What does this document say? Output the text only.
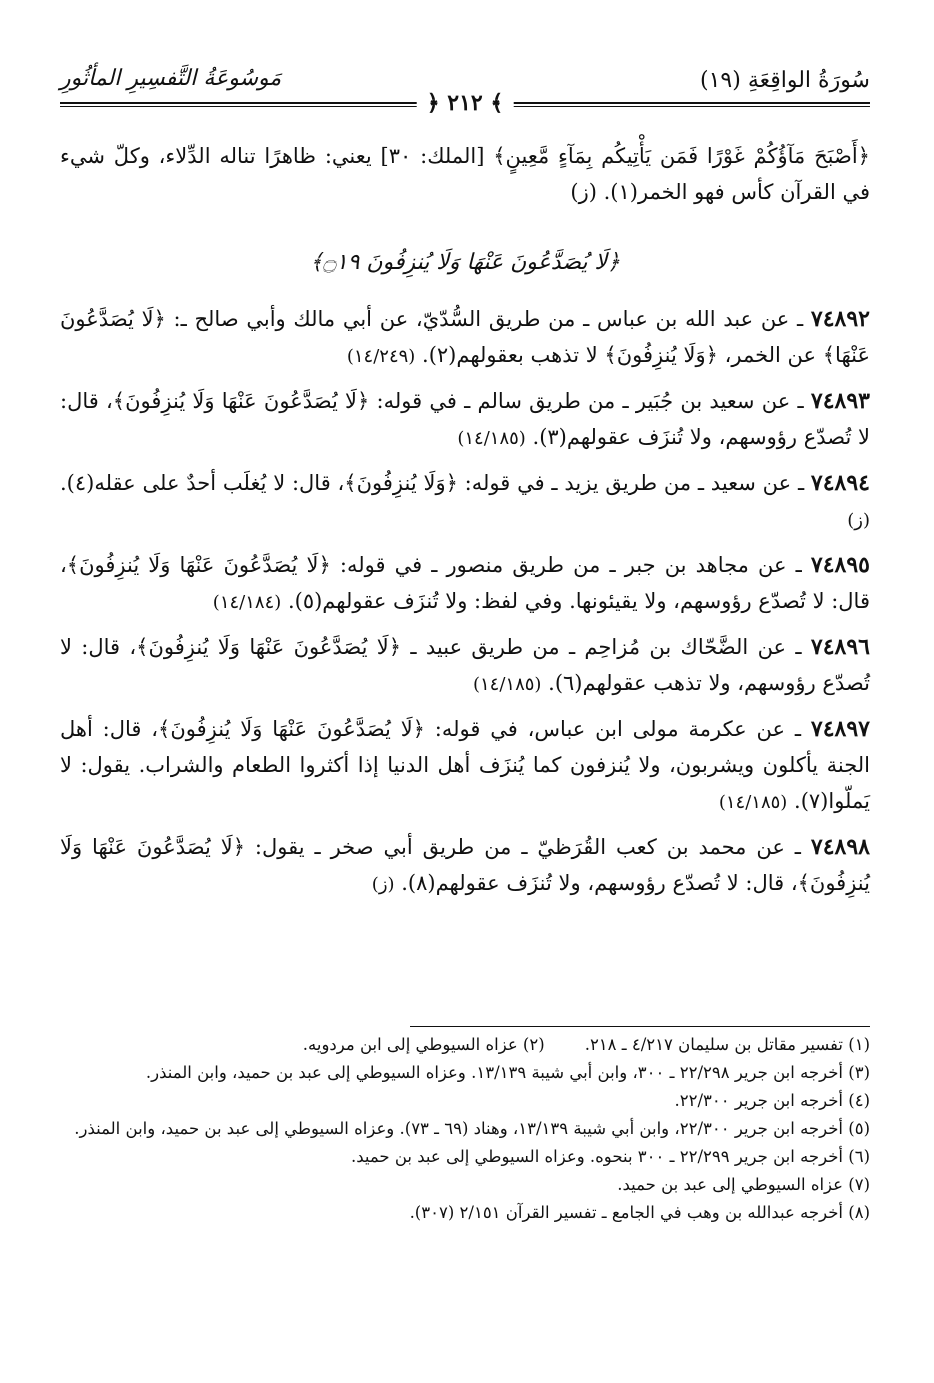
سُورَةُ الواقِعَةِ (١٩)
مَوسُوعَةُ التَّفسِيرِ المأثُورِ
﴾ ٢١٢ ﴿

﴿أَصْبَحَ مَآؤُكُمْ غَوْرًا فَمَن يَأْتِيكُم بِمَآءٍ مَّعِينٍ﴾ [الملك: ٣٠] يعني: ظاهرًا تناله الدِّلاء، وكلّ شيء في القرآن كأس فهو الخمر(١). (ز)

﴿لَا يُصَدَّعُونَ عَنْهَا وَلَا يُنزِفُونَ ۝١٩﴾

٧٤٨٩٢ ـ عن عبد الله بن عباس ـ من طريق السُّدّيّ، عن أبي مالك وأبي صالح ـ: ﴿لَا يُصَدَّعُونَ عَنْهَا﴾ عن الخمر، ﴿وَلَا يُنزِفُونَ﴾ لا تذهب بعقولهم(٢). (١٤/٢٤٩)

٧٤٨٩٣ ـ عن سعيد بن جُبَير ـ من طريق سالم ـ في قوله: ﴿لَا يُصَدَّعُونَ عَنْهَا وَلَا يُنزِفُونَ﴾، قال: لا تُصدّع رؤوسهم، ولا تُنزَف عقولهم(٣). (١٤/١٨٥)

٧٤٨٩٤ ـ عن سعيد ـ من طريق يزيد ـ في قوله: ﴿وَلَا يُنزِفُونَ﴾، قال: لا يُغلَب أحدٌ على عقله(٤). (ز)

٧٤٨٩٥ ـ عن مجاهد بن جبر ـ من طريق منصور ـ في قوله: ﴿لَا يُصَدَّعُونَ عَنْهَا وَلَا يُنزِفُونَ﴾، قال: لا تُصدّع رؤوسهم، ولا يقيئونها. وفي لفظ: ولا تُنزَف عقولهم(٥). (١٤/١٨٤)

٧٤٨٩٦ ـ عن الضَّحّاك بن مُزاحِم ـ من طريق عبيد ـ ﴿لَا يُصَدَّعُونَ عَنْهَا وَلَا يُنزِفُونَ﴾، قال: لا تُصدّع رؤوسهم، ولا تذهب عقولهم(٦). (١٤/١٨٥)

٧٤٨٩٧ ـ عن عكرمة مولى ابن عباس، في قوله: ﴿لَا يُصَدَّعُونَ عَنْهَا وَلَا يُنزِفُونَ﴾، قال: أهل الجنة يأكلون ويشربون، ولا يُنزفون كما يُنزَف أهل الدنيا إذا أكثروا الطعام والشراب. يقول: لا يَملّوا(٧). (١٤/١٨٥)

٧٤٨٩٨ ـ عن محمد بن كعب القُرَظيّ ـ من طريق أبي صخر ـ يقول: ﴿لَا يُصَدَّعُونَ عَنْهَا وَلَا يُنزِفُونَ﴾، قال: لا تُصدّع رؤوسهم، ولا تُنزَف عقولهم(٨). (ز)

(١) تفسير مقاتل بن سليمان ٤/٢١٧ ـ ٢١٨.
(٢) عزاه السيوطي إلى ابن مردويه.
(٣) أخرجه ابن جرير ٢٢/٢٩٨ ـ ٣٠٠، وابن أبي شيبة ١٣/١٣٩. وعزاه السيوطي إلى عبد بن حميد، وابن المنذر.
(٤) أخرجه ابن جرير ٢٢/٣٠٠.
(٥) أخرجه ابن جرير ٢٢/٣٠٠، وابن أبي شيبة ١٣/١٣٩، وهناد (٦٩ ـ ٧٣). وعزاه السيوطي إلى عبد بن حميد، وابن المنذر.
(٦) أخرجه ابن جرير ٢٢/٢٩٩ ـ ٣٠٠ بنحوه. وعزاه السيوطي إلى عبد بن حميد.
(٧) عزاه السيوطي إلى عبد بن حميد.
(٨) أخرجه عبدالله بن وهب في الجامع ـ تفسير القرآن ٢/١٥١ (٣٠٧).
